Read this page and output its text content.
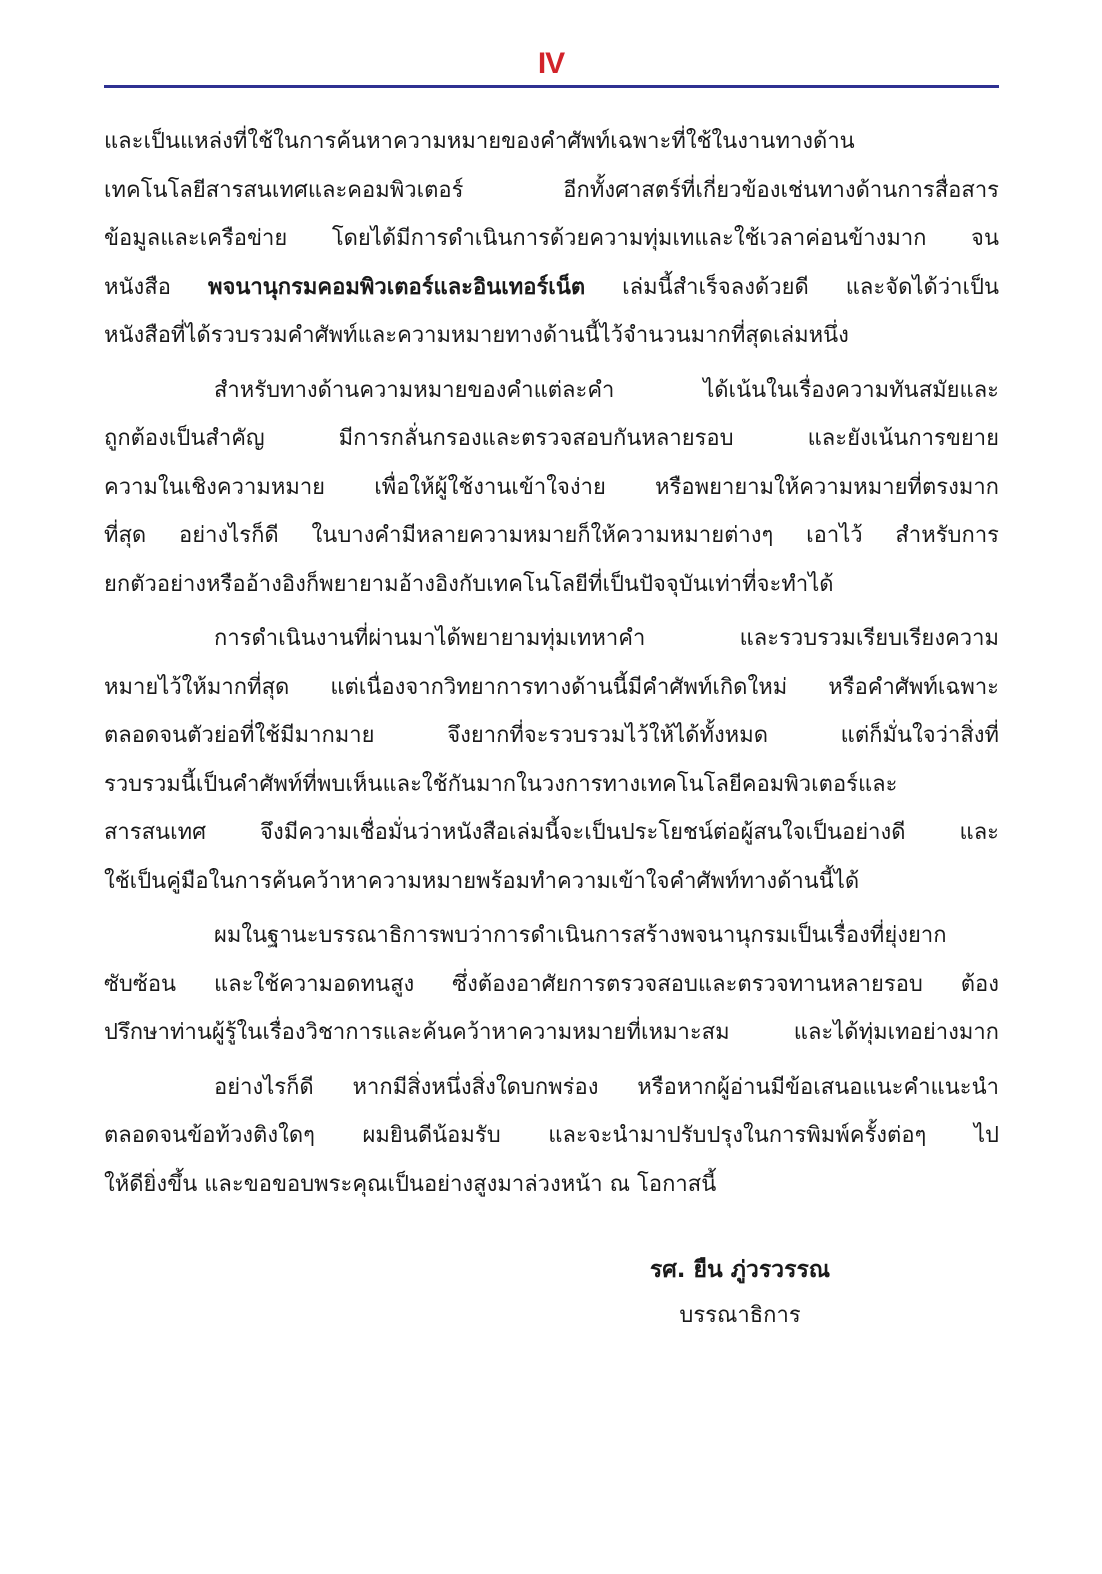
IV
และเป็นแหล่งที่ใช้ในการค้นหาความหมายของคำศัพท์เฉพาะที่ใช้ในงานทางด้าน
เทคโนโลยีสารสนเทศและคอมพิวเตอร์ อีกทั้งศาสตร์ที่เกี่ยวข้องเช่นทางด้านการสื่อสาร
ข้อมูลและเครือข่าย โดยได้มีการดำเนินการด้วยความทุ่มเทและใช้เวลาค่อนข้างมาก จน
หนังสือ พจนานุกรมคอมพิวเตอร์และอินเทอร์เน็ต เล่มนี้สำเร็จลงด้วยดี และจัดได้ว่าเป็น
หนังสือที่ได้รวบรวมคำศัพท์และความหมายทางด้านนี้ไว้จำนวนมากที่สุดเล่มหนึ่ง
สำหรับทางด้านความหมายของคำแต่ละคำ ได้เน้นในเรื่องความทันสมัยและ
ถูกต้องเป็นสำคัญ มีการกลั่นกรองและตรวจสอบกันหลายรอบ และยังเน้นการขยาย
ความในเชิงความหมาย เพื่อให้ผู้ใช้งานเข้าใจง่าย หรือพยายามให้ความหมายที่ตรงมาก
ที่สุด อย่างไรก็ดี ในบางคำมีหลายความหมายก็ให้ความหมายต่างๆ เอาไว้ สำหรับการ
ยกตัวอย่างหรืออ้างอิงก็พยายามอ้างอิงกับเทคโนโลยีที่เป็นปัจจุบันเท่าที่จะทำได้
การดำเนินงานที่ผ่านมาได้พยายามทุ่มเทหาคำ และรวบรวมเรียบเรียงความ
หมายไว้ให้มากที่สุด แต่เนื่องจากวิทยาการทางด้านนี้มีคำศัพท์เกิดใหม่ หรือคำศัพท์เฉพาะ
ตลอดจนตัวย่อที่ใช้มีมากมาย จึงยากที่จะรวบรวมไว้ให้ได้ทั้งหมด แต่ก็มั่นใจว่าสิ่งที่
รวบรวมนี้เป็นคำศัพท์ที่พบเห็นและใช้กันมากในวงการทางเทคโนโลยีคอมพิวเตอร์และ
สารสนเทศ จึงมีความเชื่อมั่นว่าหนังสือเล่มนี้จะเป็นประโยชน์ต่อผู้สนใจเป็นอย่างดี และ
ใช้เป็นคู่มือในการค้นคว้าหาความหมายพร้อมทำความเข้าใจคำศัพท์ทางด้านนี้ได้
ผมในฐานะบรรณาธิการพบว่าการดำเนินการสร้างพจนานุกรมเป็นเรื่องที่ยุ่งยาก
ซับซ้อน และใช้ความอดทนสูง ซึ่งต้องอาศัยการตรวจสอบและตรวจทานหลายรอบ ต้อง
ปรึกษาท่านผู้รู้ในเรื่องวิชาการและค้นคว้าหาความหมายที่เหมาะสม และได้ทุ่มเทอย่างมาก
อย่างไรก็ดี หากมีสิ่งหนึ่งสิ่งใดบกพร่อง หรือหากผู้อ่านมีข้อเสนอแนะคำแนะนำ
ตลอดจนข้อท้วงติงใดๆ ผมยินดีน้อมรับ และจะนำมาปรับปรุงในการพิมพ์ครั้งต่อๆ ไป
ให้ดียิ่งขึ้น และขอขอบพระคุณเป็นอย่างสูงมาล่วงหน้า ณ โอกาสนี้
รศ. ยืน ภู่วรวรรณ
บรรณาธิการ
